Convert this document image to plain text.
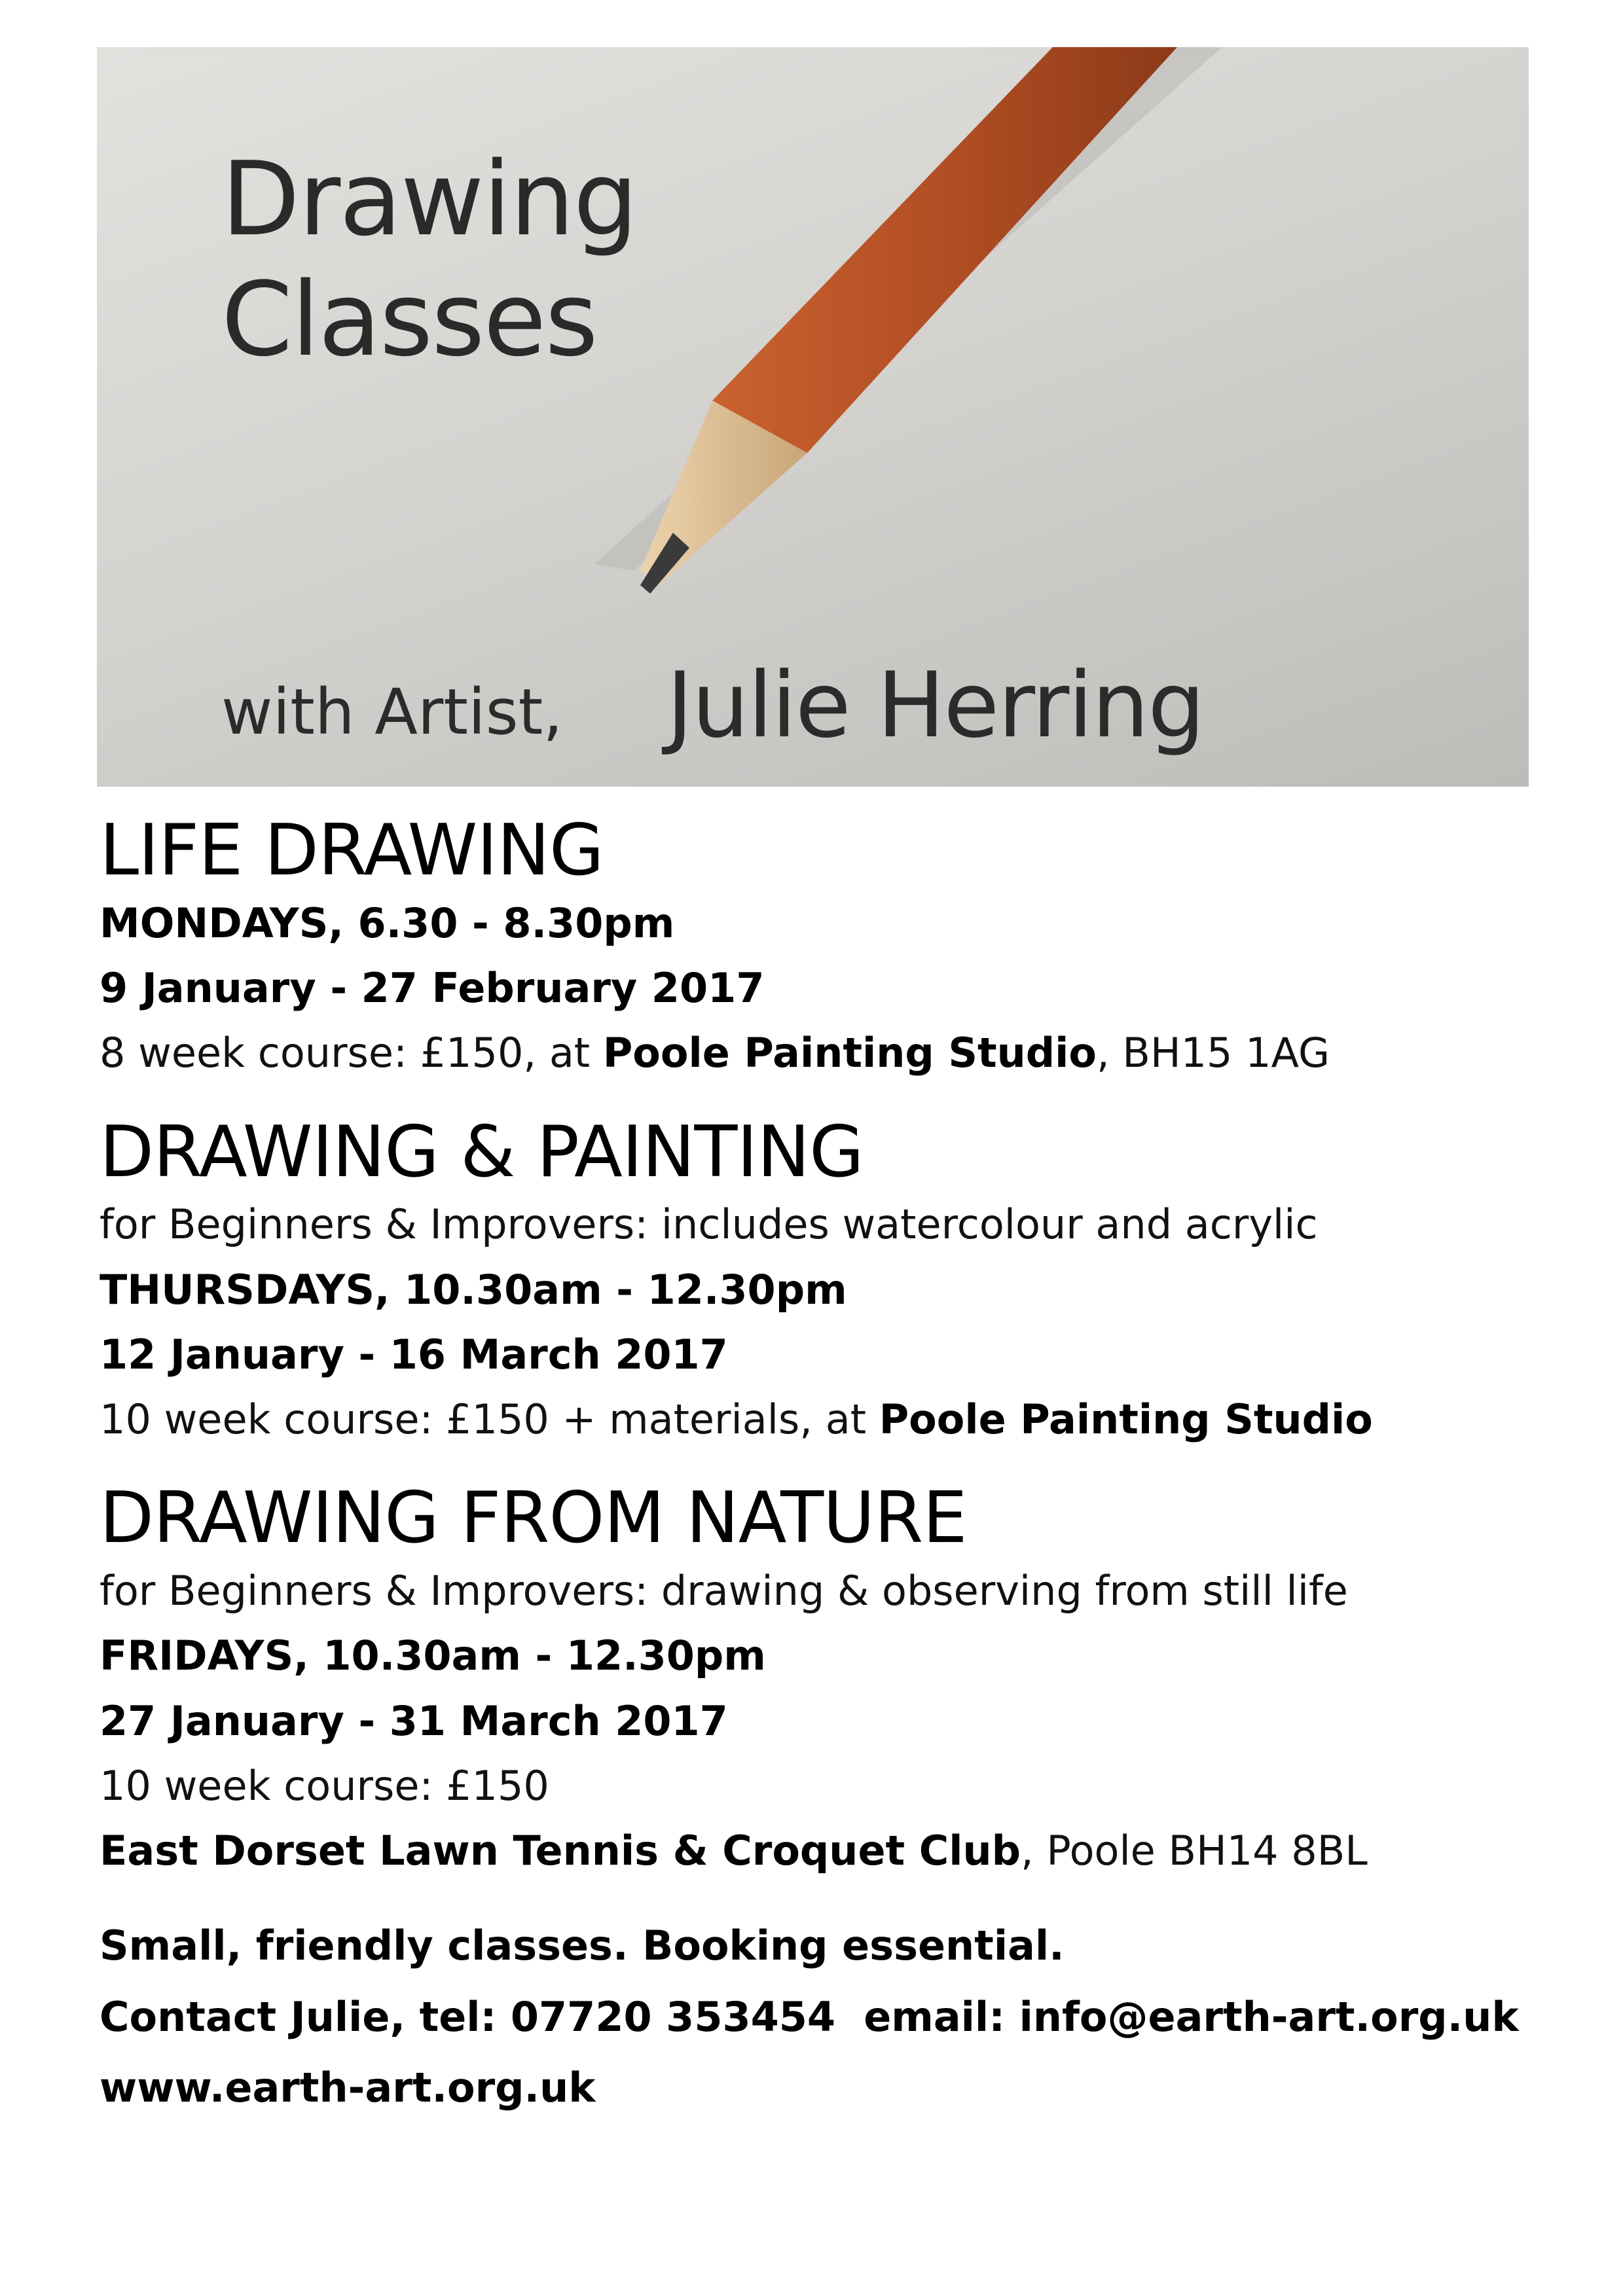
Drawing
Classes
with Artist, Julie Herring
LIFE DRAWING

MONDAYS, 6.30 - 8.30pm

9 January - 27 February 2017

8 week course: £150, at Poole Painting Studio, BH15 1AG

DRAWING & PAINTING

for Beginners & Improvers: includes watercolour and acrylic

THURSDAYS, 10.30am - 12.30pm

12 January - 16 March 2017

10 week course: £150 + materials, at Poole Painting Studio

DRAWING FROM NATURE

for Beginners & Improvers: drawing & observing from still life

FRIDAYS, 10.30am - 12.30pm

27 January - 31 March 2017

10 week course: £150

East Dorset Lawn Tennis & Croquet Club, Poole BH14 8BL

Small, friendly classes. Booking essential.

Contact Julie, tel: 07720 353454  email: info@earth-art.org.uk

www.earth-art.org.uk
